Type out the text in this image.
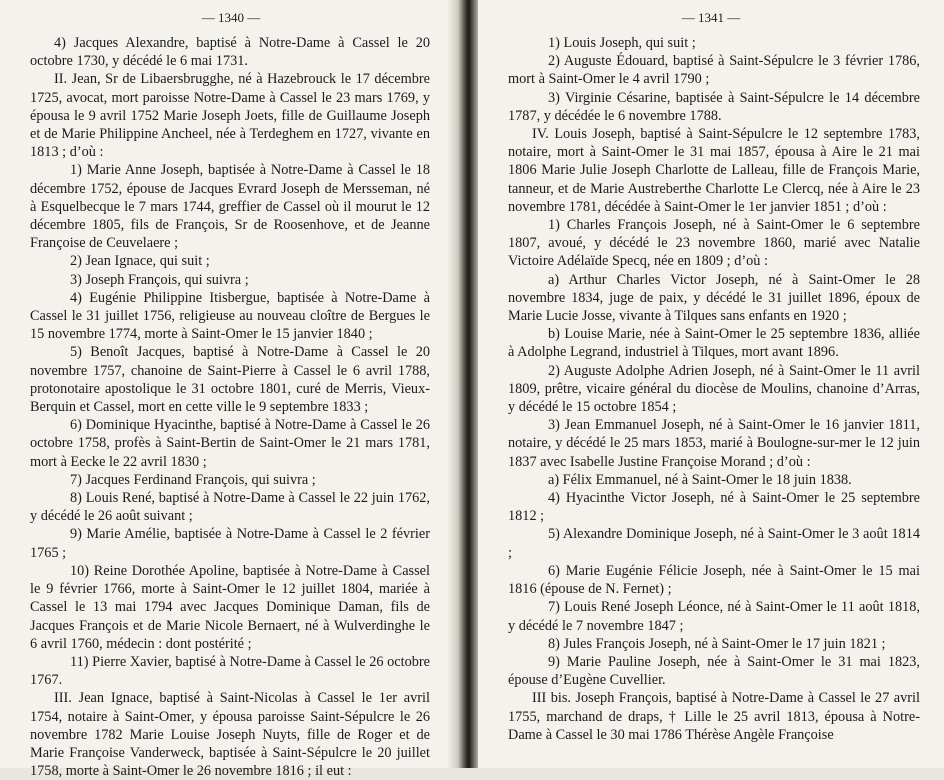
— 1340 —

4) Jacques Alexandre, baptisé à Notre-Dame à Cassel le 20 octobre 1730, y décédé le 6 mai 1731.

II. Jean, Sr de Libaersbrugghe, né à Hazebrouck le 17 décembre 1725, avocat, mort paroisse Notre-Dame à Cassel le 23 mars 1769, y épousa le 9 avril 1752 Marie Joseph Joets, fille de Guillaume Joseph et de Marie Philippine Ancheel, née à Terdeghem en 1727, vivante en 1813 ; d’où :

1) Marie Anne Joseph, baptisée à Notre-Dame à Cassel le 18 décembre 1752, épouse de Jacques Evrard Joseph de Mersseman, né à Esquelbecque le 7 mars 1744, greffier de Cassel où il mourut le 12 décembre 1805, fils de François, Sr de Roosenhove, et de Jeanne Françoise de Ceuvelaere ;

2) Jean Ignace, qui suit ;

3) Joseph François, qui suivra ;

4) Eugénie Philippine Itisbergue, baptisée à Notre-Dame à Cassel le 31 juillet 1756, religieuse au nouveau cloître de Bergues le 15 novembre 1774, morte à Saint-Omer le 15 janvier 1840 ;

5) Benoît Jacques, baptisé à Notre-Dame à Cassel le 20 novembre 1757, chanoine de Saint-Pierre à Cassel le 6 avril 1788, protonotaire apostolique le 31 octobre 1801, curé de Merris, Vieux-Berquin et Cassel, mort en cette ville le 9 septembre 1833 ;

6) Dominique Hyacinthe, baptisé à Notre-Dame à Cassel le 26 octobre 1758, profès à Saint-Bertin de Saint-Omer le 21 mars 1781, mort à Eecke le 22 avril 1830 ;

7) Jacques Ferdinand François, qui suivra ;

8) Louis René, baptisé à Notre-Dame à Cassel le 22 juin 1762, y décédé le 26 août suivant ;

9) Marie Amélie, baptisée à Notre-Dame à Cassel le 2 février 1765 ;

10) Reine Dorothée Apoline, baptisée à Notre-Dame à Cassel le 9 février 1766, morte à Saint-Omer le 12 juillet 1804, mariée à Cassel le 13 mai 1794 avec Jacques Dominique Daman, fils de Jacques François et de Marie Nicole Bernaert, né à Wulverdinghe le 6 avril 1760, médecin : dont postérité ;

11) Pierre Xavier, baptisé à Notre-Dame à Cassel le 26 octobre 1767.

III. Jean Ignace, baptisé à Saint-Nicolas à Cassel le 1er avril 1754, notaire à Saint-Omer, y épousa paroisse Saint-Sépulcre le 26 novembre 1782 Marie Louise Joseph Nuyts, fille de Roger et de Marie Françoise Vanderweck, baptisée à Saint-Sépulcre le 20 juillet 1758, morte à Saint-Omer le 26 novembre 1816 ; il eut :

— 1341 —

1) Louis Joseph, qui suit ;

2) Auguste Édouard, baptisé à Saint-Sépulcre le 3 février 1786, mort à Saint-Omer le 4 avril 1790 ;

3) Virginie Césarine, baptisée à Saint-Sépulcre le 14 décembre 1787, y décédée le 6 novembre 1788.

IV. Louis Joseph, baptisé à Saint-Sépulcre le 12 septembre 1783, notaire, mort à Saint-Omer le 31 mai 1857, épousa à Aire le 21 mai 1806 Marie Julie Joseph Charlotte de Lalleau, fille de François Marie, tanneur, et de Marie Austreberthe Charlotte Le Clercq, née à Aire le 23 novembre 1781, décédée à Saint-Omer le 1er janvier 1851 ; d’où :

1) Charles François Joseph, né à Saint-Omer le 6 septembre 1807, avoué, y décédé le 23 novembre 1860, marié avec Natalie Victoire Adélaïde Specq, née en 1809 ; d’où :

a) Arthur Charles Victor Joseph, né à Saint-Omer le 28 novembre 1834, juge de paix, y décédé le 31 juillet 1896, époux de Marie Lucie Josse, vivante à Tilques sans enfants en 1920 ;

b) Louise Marie, née à Saint-Omer le 25 septembre 1836, alliée à Adolphe Legrand, industriel à Tilques, mort avant 1896.

2) Auguste Adolphe Adrien Joseph, né à Saint-Omer le 11 avril 1809, prêtre, vicaire général du diocèse de Moulins, chanoine d’Arras, y décédé le 15 octobre 1854 ;

3) Jean Emmanuel Joseph, né à Saint-Omer le 16 janvier 1811, notaire, y décédé le 25 mars 1853, marié à Boulogne-sur-mer le 12 juin 1837 avec Isabelle Justine Françoise Morand ; d’où :

a) Félix Emmanuel, né à Saint-Omer le 18 juin 1838.

4) Hyacinthe Victor Joseph, né à Saint-Omer le 25 septembre 1812 ;

5) Alexandre Dominique Joseph, né à Saint-Omer le 3 août 1814 ;

6) Marie Eugénie Félicie Joseph, née à Saint-Omer le 15 mai 1816 (épouse de N. Fernet) ;

7) Louis René Joseph Léonce, né à Saint-Omer le 11 août 1818, y décédé le 7 novembre 1847 ;

8) Jules François Joseph, né à Saint-Omer le 17 juin 1821 ;

9) Marie Pauline Joseph, née à Saint-Omer le 31 mai 1823, épouse d’Eugène Cuvellier.

III bis. Joseph François, baptisé à Notre-Dame à Cassel le 27 avril 1755, marchand de draps, † Lille le 25 avril 1813, épousa à Notre-Dame à Cassel le 30 mai 1786 Thérèse Angèle Françoise
